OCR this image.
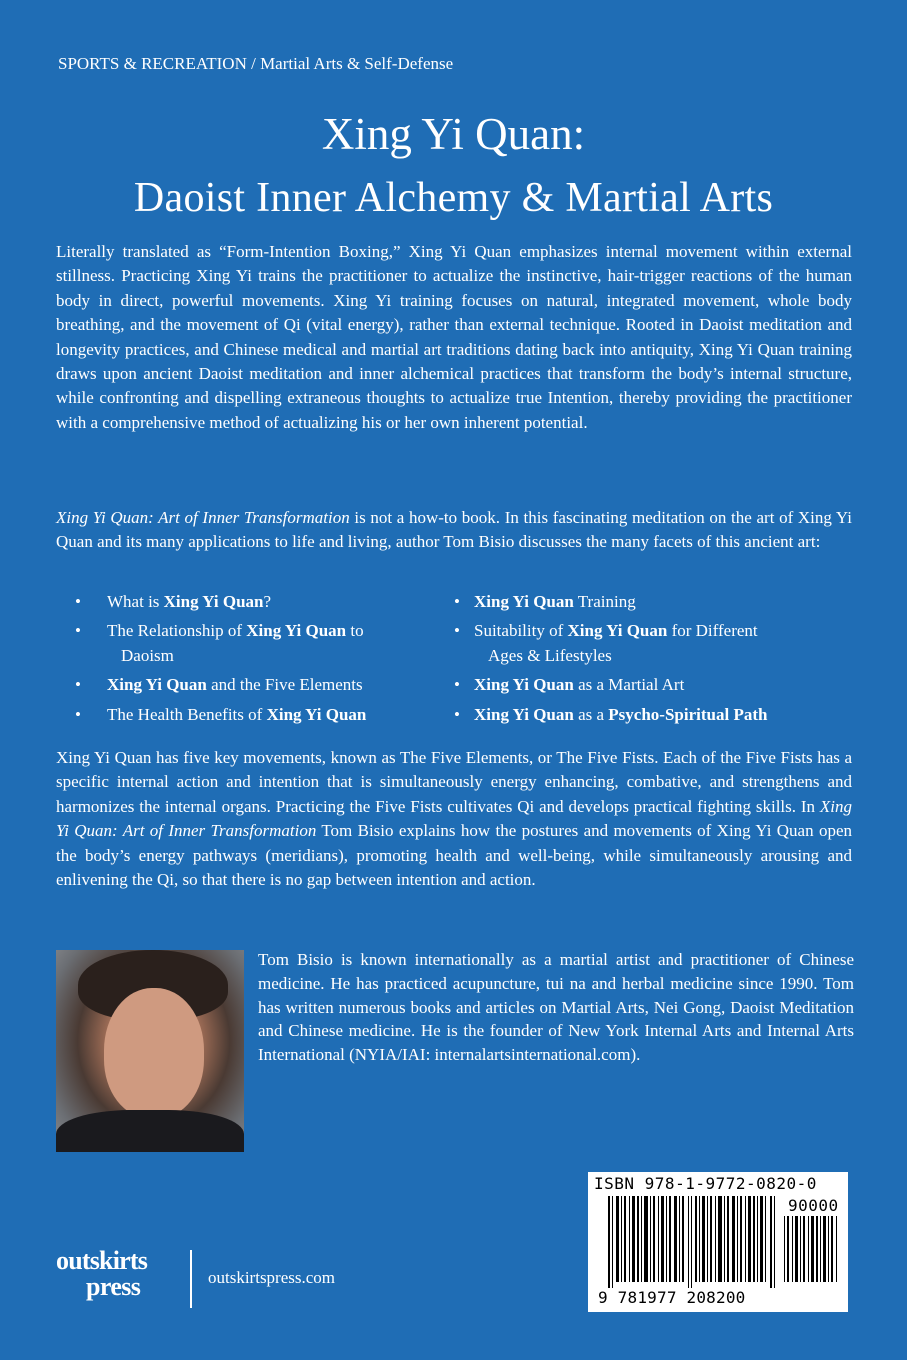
SPORTS & RECREATION / Martial Arts & Self-Defense
Xing Yi Quan:
Daoist Inner Alchemy & Martial Arts

Literally translated as “Form-Intention Boxing,” Xing Yi Quan emphasizes internal movement within external stillness. Practicing Xing Yi trains the practitioner to actualize the instinctive, hair-trigger reactions of the human body in direct, powerful movements. Xing Yi training focuses on natural, integrated movement, whole body breathing, and the movement of Qi (vital energy), rather than external technique. Rooted in Daoist meditation and longevity practices, and Chinese medical and martial art traditions dating back into antiquity, Xing Yi Quan training draws upon ancient Daoist meditation and inner alchemical practices that transform the body’s internal structure, while confronting and dispelling extraneous thoughts to actualize true Intention, thereby providing the practitioner with a comprehensive method of actualizing his or her own inherent potential.

Xing Yi Quan: Art of Inner Transformation is not a how-to book. In this fascinating meditation on the art of Xing Yi Quan and its many applications to life and living, author Tom Bisio discusses the many facets of this ancient art:

• What is Xing Yi Quan?	• Xing Yi Quan Training
• The Relationship of Xing Yi Quan to
Daoism
• Suitability of Xing Yi Quan for Different
Ages & Lifestyles
• Xing Yi Quan and the Five Elements	• Xing Yi Quan as a Martial Art
• The Health Benefits of Xing Yi Quan	• Xing Yi Quan as a Psycho-Spiritual Path

Xing Yi Quan has five key movements, known as The Five Elements, or The Five Fists. Each of the Five Fists has a specific internal action and intention that is simultaneously energy enhancing, combative, and strengthens and harmonizes the internal organs. Practicing the Five Fists cultivates Qi and develops practical fighting skills. In Xing Yi Quan: Art of Inner Transformation Tom Bisio explains how the postures and movements of Xing Yi Quan open the body’s energy pathways (meridians), promoting health and well-being, while simultaneously arousing and enlivening the Qi, so that there is no gap between intention and action.

Tom Bisio is known internationally as a martial artist and practitioner of Chinese medicine. He has practiced acupuncture, tui na and herbal medicine since 1990. Tom has written numerous books and articles on Martial Arts, Nei Gong, Daoist Meditation and Chinese medicine. He is the founder of New York Internal Arts and Internal Arts International (NYIA/IAI: internalartsinternational.com).

ISBN 978-1-9772-0820-0
90000
9 781977 208200
outskirts
press	outskirtspress.com
